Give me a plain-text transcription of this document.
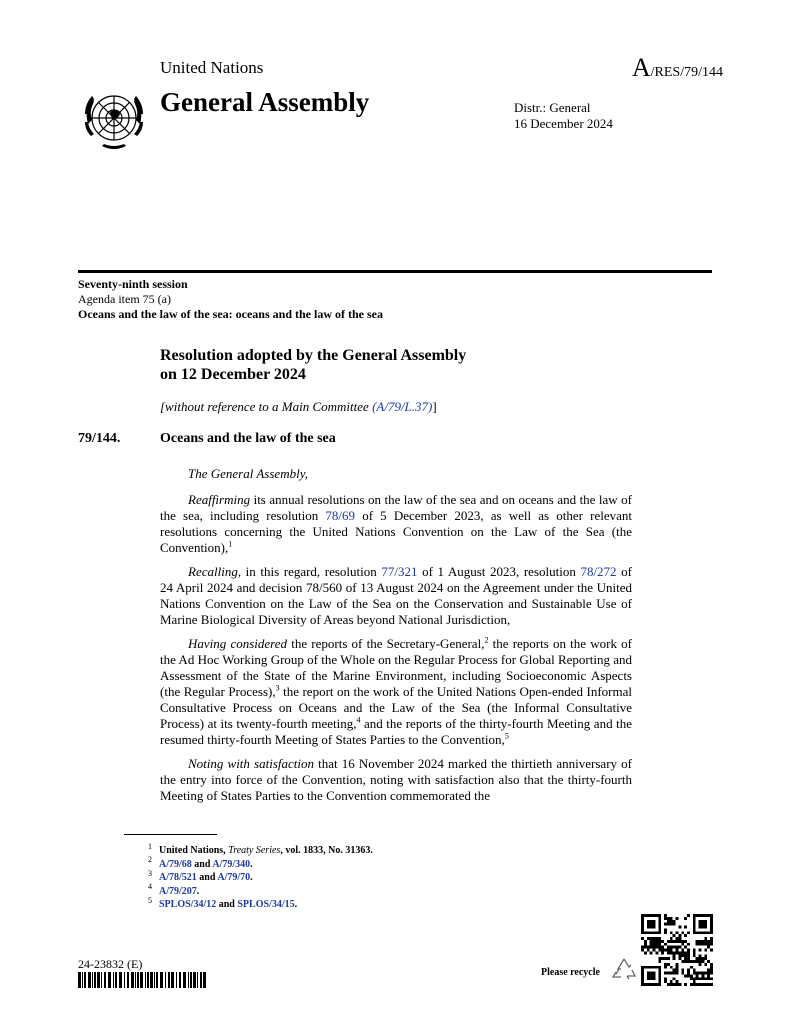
United Nations	A/RES/79/144
General Assembly	Distr.: General
16 December 2024
Seventy-ninth session
Agenda item 75 (a)
Oceans and the law of the sea: oceans and the law of the sea
Resolution adopted by the General Assembly
on 12 December 2024
[without reference to a Main Committee (A/79/L.37)]
79/144.	Oceans and the law of the sea

The General Assembly,

Reaffirming its annual resolutions on the law of the sea and on oceans and the law of the sea, including resolution 78/69 of 5 December 2023, as well as other relevant resolutions concerning the United Nations Convention on the Law of the Sea (the Convention),$^1$

Recalling, in this regard, resolution 77/321 of 1 August 2023, resolution 78/272 of 24 April 2024 and decision 78/560 of 13 August 2024 on the Agreement under the United Nations Convention on the Law of the Sea on the Conservation and Sustainable Use of Marine Biological Diversity of Areas beyond National Jurisdiction,

Having considered the reports of the Secretary-General,$^2$ the reports on the work of the Ad Hoc Working Group of the Whole on the Regular Process for Global Reporting and Assessment of the State of the Marine Environment, including Socioeconomic Aspects (the Regular Process),$^3$ the report on the work of the United Nations Open-ended Informal Consultative Process on Oceans and the Law of the Sea (the Informal Consultative Process) at its twenty-fourth meeting,$^4$ and the reports of the thirty-fourth Meeting and the resumed thirty-fourth Meeting of States Parties to the Convention,$^5$

Noting with satisfaction that 16 November 2024 marked the thirtieth anniversary of the entry into force of the Convention, noting with satisfaction also that the thirty-fourth Meeting of States Parties to the Convention commemorated the

$^1$ United Nations, Treaty Series, vol. 1833, No. 31363.
$^2$ A/79/68 and A/79/340.
$^3$ A/78/521 and A/79/70.
$^4$ A/79/207.
$^5$ SPLOS/34/12 and SPLOS/34/15.
24-23832 (E)
Please recycle
